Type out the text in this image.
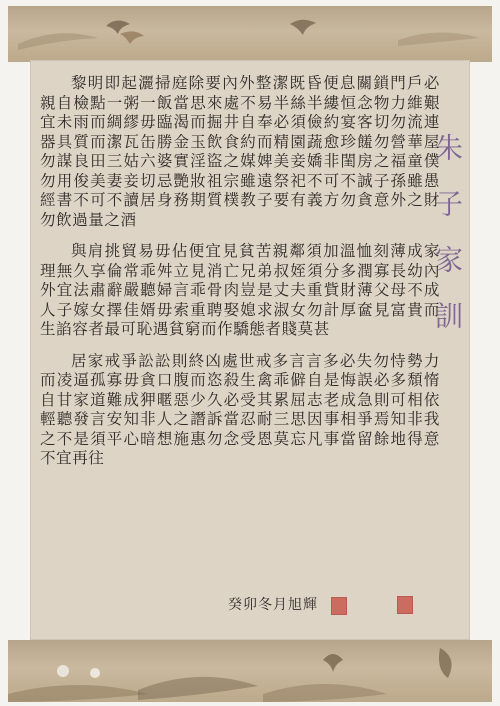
朱子家訓

黎明即起灑掃庭除要內外整潔既昏便息關鎖門戶必親自檢點一粥一飯當思來處不易半絲半縷恒念物力維艱宜未雨而綢繆毋臨渴而掘井自奉必須儉約宴客切勿流連器具質而潔瓦缶勝金玉飲食約而精園蔬愈珍饈勿營華屋勿謀良田三姑六婆實淫盜之媒婢美妾嬌非閨房之福童僕勿用俊美妻妾切忌艷妝祖宗雖遠祭祀不可不誠子孫雖愚經書不可不讀居身務期質樸教子要有義方勿貪意外之財勿飲過量之酒

與肩挑貿易毋佔便宜見貧苦親鄰須加溫恤刻薄成家理無久享倫常乖舛立見消亡兄弟叔姪須分多潤寡長幼內外宜法肅辭嚴聽婦言乖骨肉豈是丈夫重貲財薄父母不成人子嫁女擇佳婿毋索重聘娶媳求淑女勿計厚奩見富貴而生諂容者最可恥遇貧窮而作驕態者賤莫甚

居家戒爭訟訟則終凶處世戒多言言多必失勿恃勢力而凌逼孤寡毋貪口腹而恣殺生禽乖僻自是悔誤必多頹惰自甘家道難成狎暱惡少久必受其累屈志老成急則可相依輕聽發言安知非人之譖訴當忍耐三思因事相爭焉知非我之不是須平心暗想施惠勿念受恩莫忘凡事當留餘地得意不宜再往

癸卯冬月旭輝
